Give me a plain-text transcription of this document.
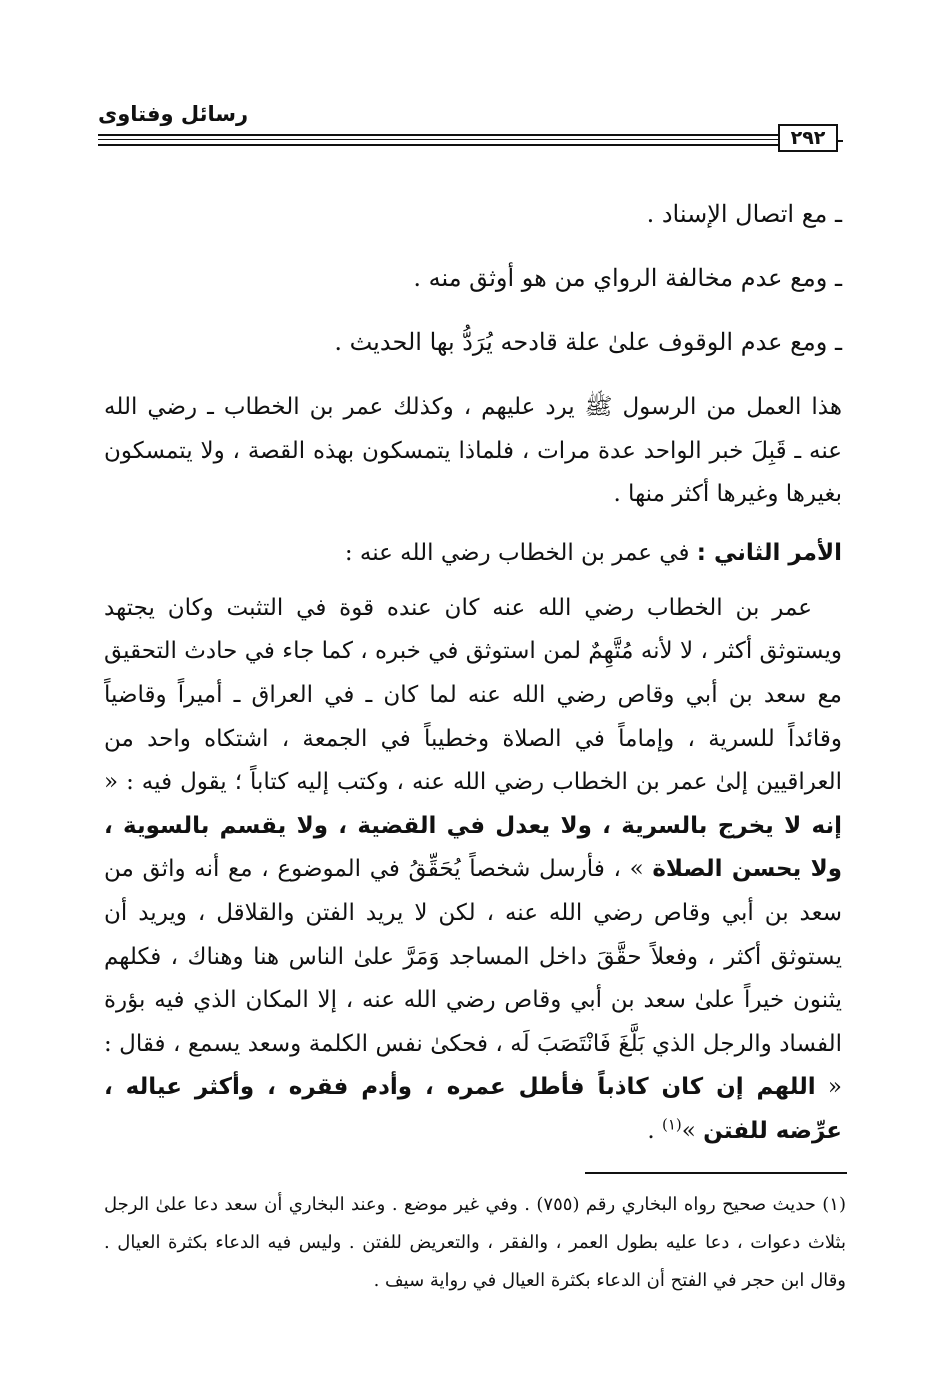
رسائل وفتاوى
٢٩٢
ـ مع اتصال الإسناد .
ـ ومع عدم مخالفة الرواي من هو أوثق منه .
ـ ومع عدم الوقوف علىٰ علة قادحه يُرَدُّ بها الحديث .

هذا العمل من الرسول ﷺ يرد عليهم ، وكذلك عمر بن الخطاب ـ رضي الله عنه ـ قَبِلَ خبر الواحد عدة مرات ، فلماذا يتمسكون بهذه القصة ، ولا يتمسكون بغيرها وغيرها أكثر منها .

الأمر الثاني : في عمر بن الخطاب رضي الله عنه :

عمر بن الخطاب رضي الله عنه كان عنده قوة في التثبت وكان يجتهد ويستوثق أكثر ، لا لأنه مُتَّهِمٌ لمن استوثق في خبره ، كما جاء في حادث التحقيق مع سعد بن أبي وقاص رضي الله عنه لما كان ـ في العراق ـ أميراً وقاضياً وقائداً للسرية ، وإماماً في الصلاة وخطيباً في الجمعة ، اشتكاه واحد من العراقيين إلىٰ عمر بن الخطاب رضي الله عنه ، وكتب إليه كتاباً ؛ يقول فيه : « إنه لا يخرج بالسرية ، ولا يعدل في القضية ، ولا يقسم بالسوية ، ولا يحسن الصلاة » ، فأرسل شخصاً يُحَقِّقُ في الموضوع ، مع أنه واثق من سعد بن أبي وقاص رضي الله عنه ، لكن لا يريد الفتن والقلاقل ، ويريد أن يستوثق أكثر ، وفعلاً حقَّقَ داخل المساجد وَمَرَّ علىٰ الناس هنا وهناك ، فكلهم يثنون خيراً علىٰ سعد بن أبي وقاص رضي الله عنه ، إلا المكان الذي فيه بؤرة الفساد والرجل الذي بَلَّغَ فَانْتَصَبَ لَه ، فحكىٰ نفس الكلمة وسعد يسمع ، فقال : « اللهم إن كان كاذباً فأطل عمره ، وأدم فقره ، وأكثر عياله ، عرِّضه للفتن »$^{(١)}$ .

(١) حديث صحيح رواه البخاري رقم (٧٥٥) . وفي غير موضع . وعند البخاري أن سعد دعا علىٰ الرجل بثلاث دعوات ، دعا عليه بطول العمر ، والفقر ، والتعريض للفتن . وليس فيه الدعاء بكثرة العيال . وقال ابن حجر في الفتح أن الدعاء بكثرة العيال في رواية سيف .
